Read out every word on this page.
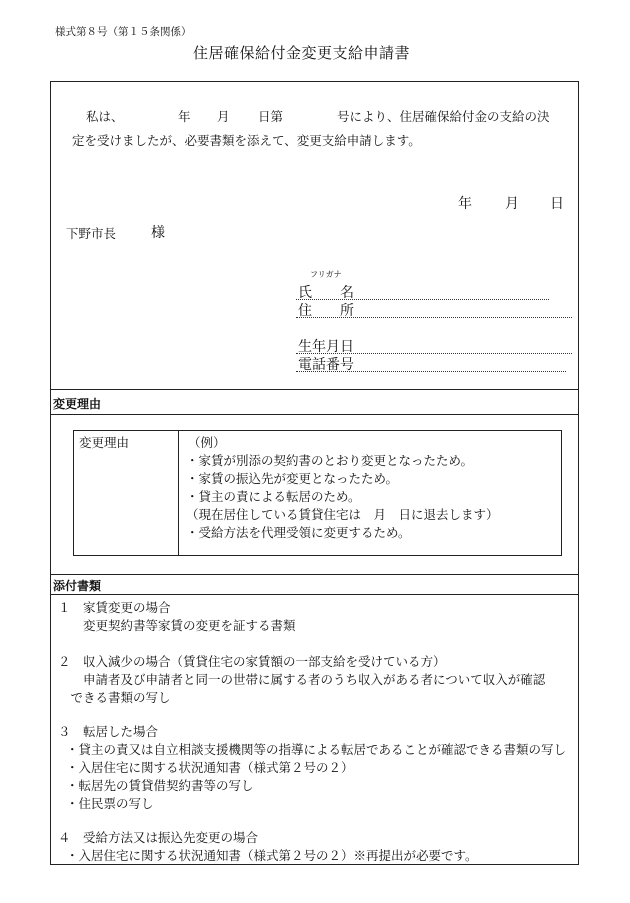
様式第８号（第１５条関係）
住居確保給付金変更支給申請書
私は、	年 月 日第	号により、住居確保給付金の支給の決
定を受けましたが、必要書類を添えて、変更支給申請します。
年 月 日
下野市長 様
フリガナ
氏　　名
住　　所
生年月日
電話番号
変更理由
変更理由	（例）
・家賃が別添の契約書のとおり変更となったため。
・家賃の振込先が変更となったため。
・貸主の責による転居のため。
（現在居住している賃貸住宅は　月　日に退去します）
・受給方法を代理受領に変更するため。
添付書類
１　家賃変更の場合
　　変更契約書等家賃の変更を証する書類
２　収入減少の場合（賃貸住宅の家賃額の一部支給を受けている方）
　　申請者及び申請者と同一の世帯に属する者のうち収入がある者について収入が確認
　できる書類の写し
３　転居した場合
・貸主の責又は自立相談支援機関等の指導による転居であることが確認できる書類の写し
・入居住宅に関する状況通知書（様式第２号の２）
・転居先の賃貸借契約書等の写し
・住民票の写し
４　受給方法又は振込先変更の場合
・入居住宅に関する状況通知書（様式第２号の２）※再提出が必要です。
